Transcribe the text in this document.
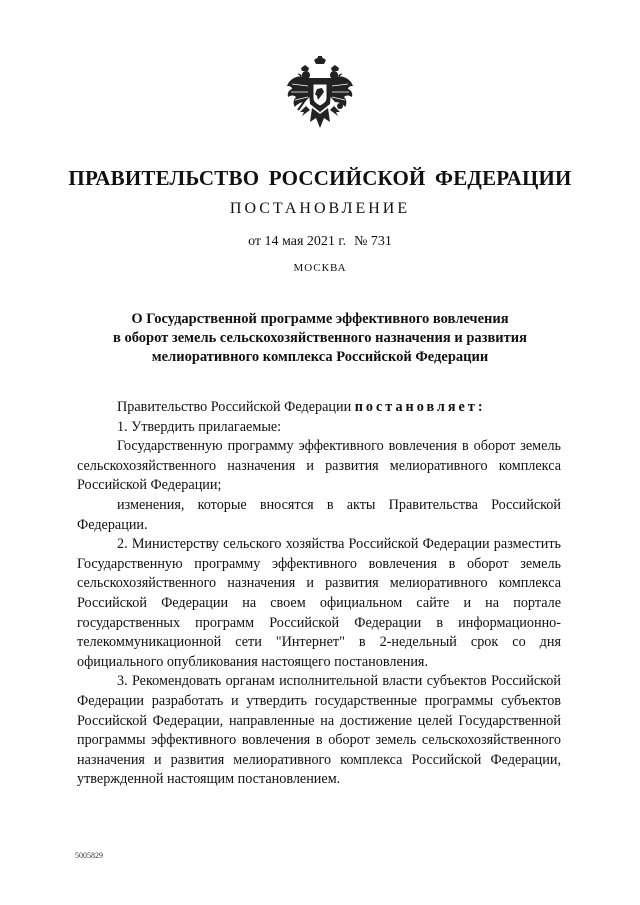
ПРАВИТЕЛЬСТВО РОССИЙСКОЙ ФЕДЕРАЦИИ
ПОСТАНОВЛЕНИЕ
от 14 мая 2021 г. № 731
МОСКВА
О Государственной программе эффективного вовлечения
в оборот земель сельскохозяйственного назначения и развития
мелиоративного комплекса Российской Федерации

Правительство Российской Федерации постановляет:

1. Утвердить прилагаемые:

Государственную программу эффективного вовлечения в оборот земель сельскохозяйственного назначения и развития мелиоративного комплекса Российской Федерации;

изменения, которые вносятся в акты Правительства Российской Федерации.

2. Министерству сельского хозяйства Российской Федерации разместить Государственную программу эффективного вовлечения в оборот земель сельскохозяйственного назначения и развития мелиоративного комплекса Российской Федерации на своем официальном сайте и на портале государственных программ Российской Федерации в информационно-телекоммуникационной сети "Интернет" в 2-недельный срок со дня официального опубликования настоящего постановления.

3. Рекомендовать органам исполнительной власти субъектов Российской Федерации разработать и утвердить государственные программы субъектов Российской Федерации, направленные на достижение целей Государственной программы эффективного вовлечения в оборот земель сельскохозяйственного назначения и развития мелиоративного комплекса Российской Федерации, утвержденной настоящим постановлением.

5005829
